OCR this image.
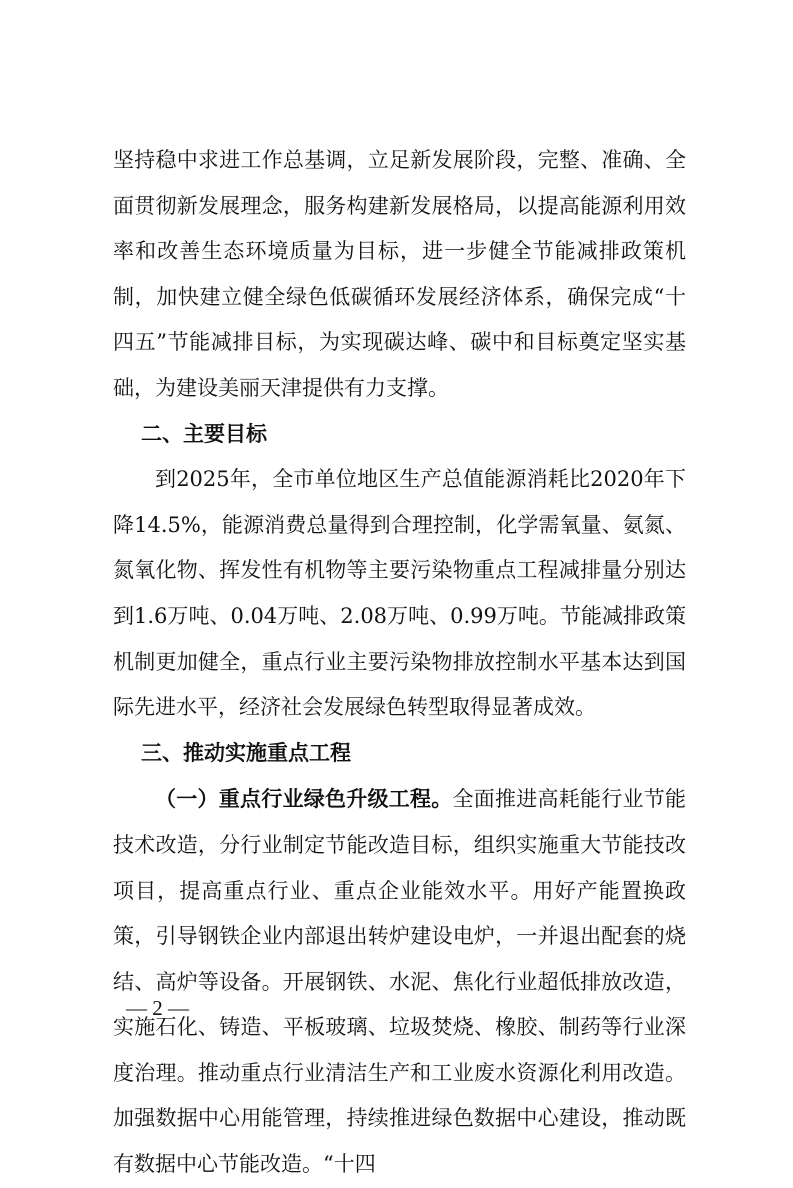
坚持稳中求进工作总基调，立足新发展阶段，完整、准确、全面贯彻新发展理念，服务构建新发展格局，以提高能源利用效率和改善生态环境质量为目标，进一步健全节能减排政策机制，加快建立健全绿色低碳循环发展经济体系，确保完成“十四五”节能减排目标，为实现碳达峰、碳中和目标奠定坚实基础，为建设美丽天津提供有力支撑。

二、主要目标

到2025年，全市单位地区生产总值能源消耗比2020年下降14.5%，能源消费总量得到合理控制，化学需氧量、氨氮、氮氧化物、挥发性有机物等主要污染物重点工程减排量分别达到1.6万吨、0.04万吨、2.08万吨、0.99万吨。节能减排政策机制更加健全，重点行业主要污染物排放控制水平基本达到国际先进水平，经济社会发展绿色转型取得显著成效。

三、推动实施重点工程

（一）重点行业绿色升级工程。全面推进高耗能行业节能技术改造，分行业制定节能改造目标，组织实施重大节能技改项目，提高重点行业、重点企业能效水平。用好产能置换政策，引导钢铁企业内部退出转炉建设电炉，一并退出配套的烧结、高炉等设备。开展钢铁、水泥、焦化行业超低排放改造，实施石化、铸造、平板玻璃、垃圾焚烧、橡胶、制药等行业深度治理。推动重点行业清洁生产和工业废水资源化利用改造。加强数据中心用能管理，持续推进绿色数据中心建设，推动既有数据中心节能改造。“十四

— 2 —
